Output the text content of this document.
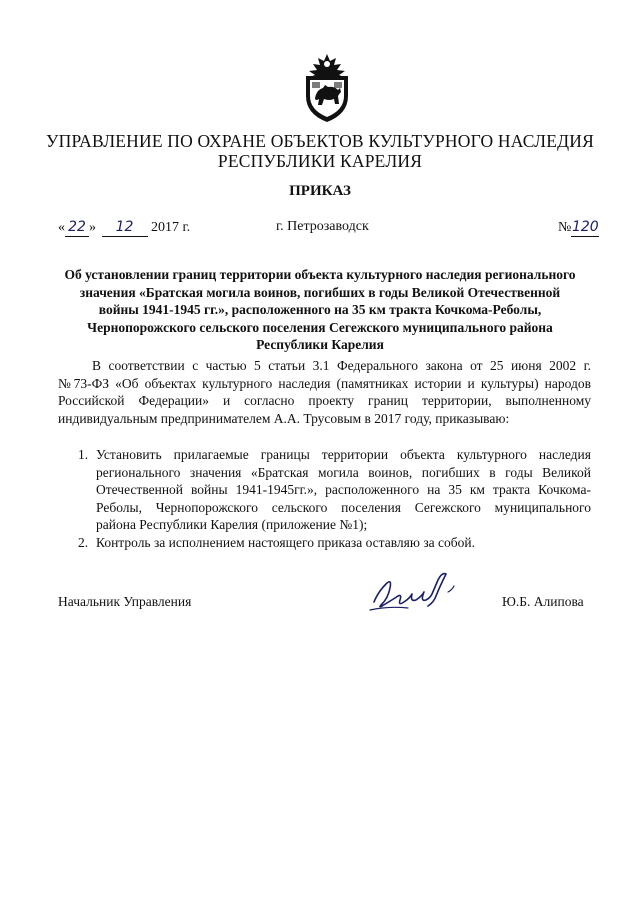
УПРАВЛЕНИЕ ПО ОХРАНЕ ОБЪЕКТОВ КУЛЬТУРНОГО НАСЛЕДИЯ
РЕСПУБЛИКИ КАРЕЛИЯ
ПРИКАЗ
« 22 » 12 2017 г.	г. Петрозаводск	№120
Об установлении границ территории объекта культурного наследия регионального
значения «Братская могила воинов, погибших в годы Великой Отечественной
войны 1941-1945 гг.», расположенного на 35 км тракта Кочкома-Реболы,
Чернопорожского сельского поселения Сегежского муниципального района
Республики Карелия
В соответствии с частью 5 статьи 3.1 Федерального закона от 25 июня 2002 г.
№73-ФЗ «Об объектах культурного наследия (памятниках истории и культуры) народов
Российской Федерации» и согласно проекту границ территории, выполненному
индивидуальным предпринимателем А.А. Трусовым в 2017 году, приказываю:
1. Установить прилагаемые границы территории объекта культурного наследия
регионального значения «Братская могила воинов, погибших в годы Великой
Отечественной войны 1941-1945гг.», расположенного на 35 км тракта Кочкома-
Реболы, Чернопорожского сельского поселения Сегежского муниципального
района Республики Карелия (приложение №1);
2. Контроль за исполнением настоящего приказа оставляю за собой.
Начальник Управления	Ю.Б. Алипова
